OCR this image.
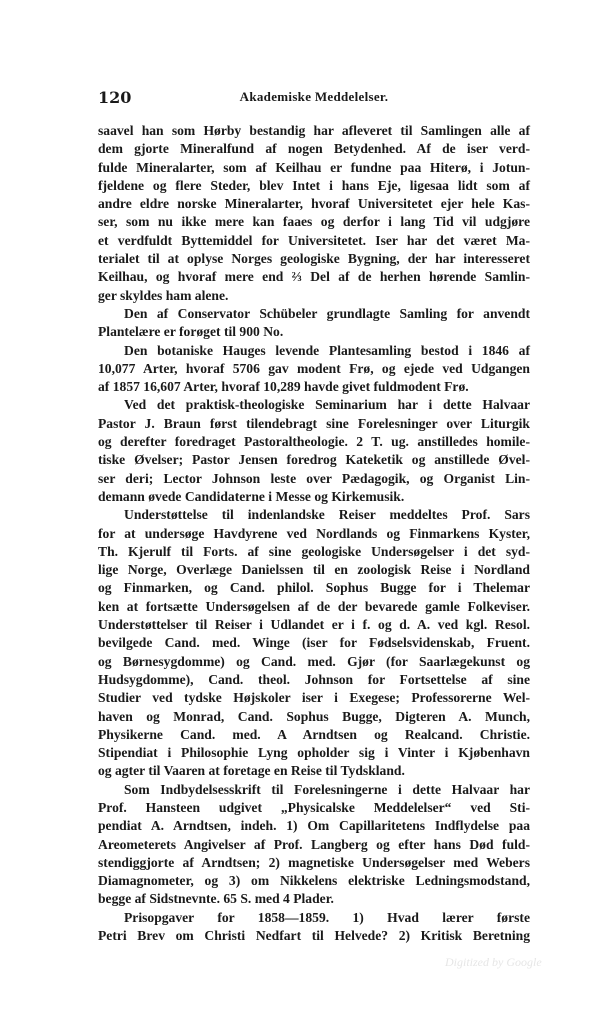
120	Akademiske Meddelelser.
saavel han som Hørby bestandig har afleveret til Samlingen alle af
dem gjorte Mineralfund af nogen Betydenhed. Af de iser verd-
fulde Mineralarter, som af Keilhau er fundne paa Hiterø, i Jotun-
fjeldene og flere Steder, blev Intet i hans Eje, ligesaa lidt som af
andre eldre norske Mineralarter, hvoraf Universitetet ejer hele Kas-
ser, som nu ikke mere kan faaes og derfor i lang Tid vil udgjøre
et verdfuldt Byttemiddel for Universitetet. Iser har det været Ma-
terialet til at oplyse Norges geologiske Bygning, der har interesseret
Keilhau, og hvoraf mere end ⅔ Del af de herhen hørende Samlin-
ger skyldes ham alene.
Den af Conservator Schübeler grundlagte Samling for anvendt
Plantelære er forøget til 900 No.
Den botaniske Hauges levende Plantesamling bestod i 1846 af
10,077 Arter, hvoraf 5706 gav modent Frø, og ejede ved Udgangen
af 1857 16,607 Arter, hvoraf 10,289 havde givet fuldmodent Frø.
Ved det praktisk-theologiske Seminarium har i dette Halvaar
Pastor J. Braun først tilendebragt sine Forelesninger over Liturgik
og derefter foredraget Pastoraltheologie. 2 T. ug. anstilledes homile-
tiske Øvelser; Pastor Jensen foredrog Kateketik og anstillede Øvel-
ser deri; Lector Johnson leste over Pædagogik, og Organist Lin-
demann øvede Candidaterne i Messe og Kirkemusik.
Understøttelse til indenlandske Reiser meddeltes Prof. Sars
for at undersøge Havdyrene ved Nordlands og Finmarkens Kyster,
Th. Kjerulf til Forts. af sine geologiske Undersøgelser i det syd-
lige Norge, Overlæge Danielssen til en zoologisk Reise i Nordland
og Finmarken, og Cand. philol. Sophus Bugge for i Thelemar
ken at fortsætte Undersøgelsen af de der bevarede gamle Folkeviser.
Understøttelser til Reiser i Udlandet er i f. og d. A. ved kgl. Resol.
bevilgede Cand. med. Winge (iser for Fødselsvidenskab, Fruent.
og Børnesygdomme) og Cand. med. Gjør (for Saarlægekunst og
Hudsygdomme), Cand. theol. Johnson for Fortsettelse af sine
Studier ved tydske Højskoler iser i Exegese; Professorerne Wel-
haven og Monrad, Cand. Sophus Bugge, Digteren A. Munch,
Physikerne Cand. med. A Arndtsen og Realcand. Christie.
Stipendiat i Philosophie Lyng opholder sig i Vinter i Kjøbenhavn
og agter til Vaaren at foretage en Reise til Tydskland.
Som Indbydelsesskrift til Forelesningerne i dette Halvaar har
Prof. Hansteen udgivet „Physicalske Meddelelser“ ved Sti-
pendiat A. Arndtsen, indeh. 1) Om Capillaritetens Indflydelse paa
Areometerets Angivelser af Prof. Langberg og efter hans Død fuld-
stendiggjorte af Arndtsen; 2) magnetiske Undersøgelser med Webers
Diamagnometer, og 3) om Nikkelens elektriske Ledningsmodstand,
begge af Sidstnevnte. 65 S. med 4 Plader.
Prisopgaver for 1858—1859. 1) Hvad lærer første
Petri Brev om Christi Nedfart til Helvede? 2) Kritisk Beretning
Digitized by Google
